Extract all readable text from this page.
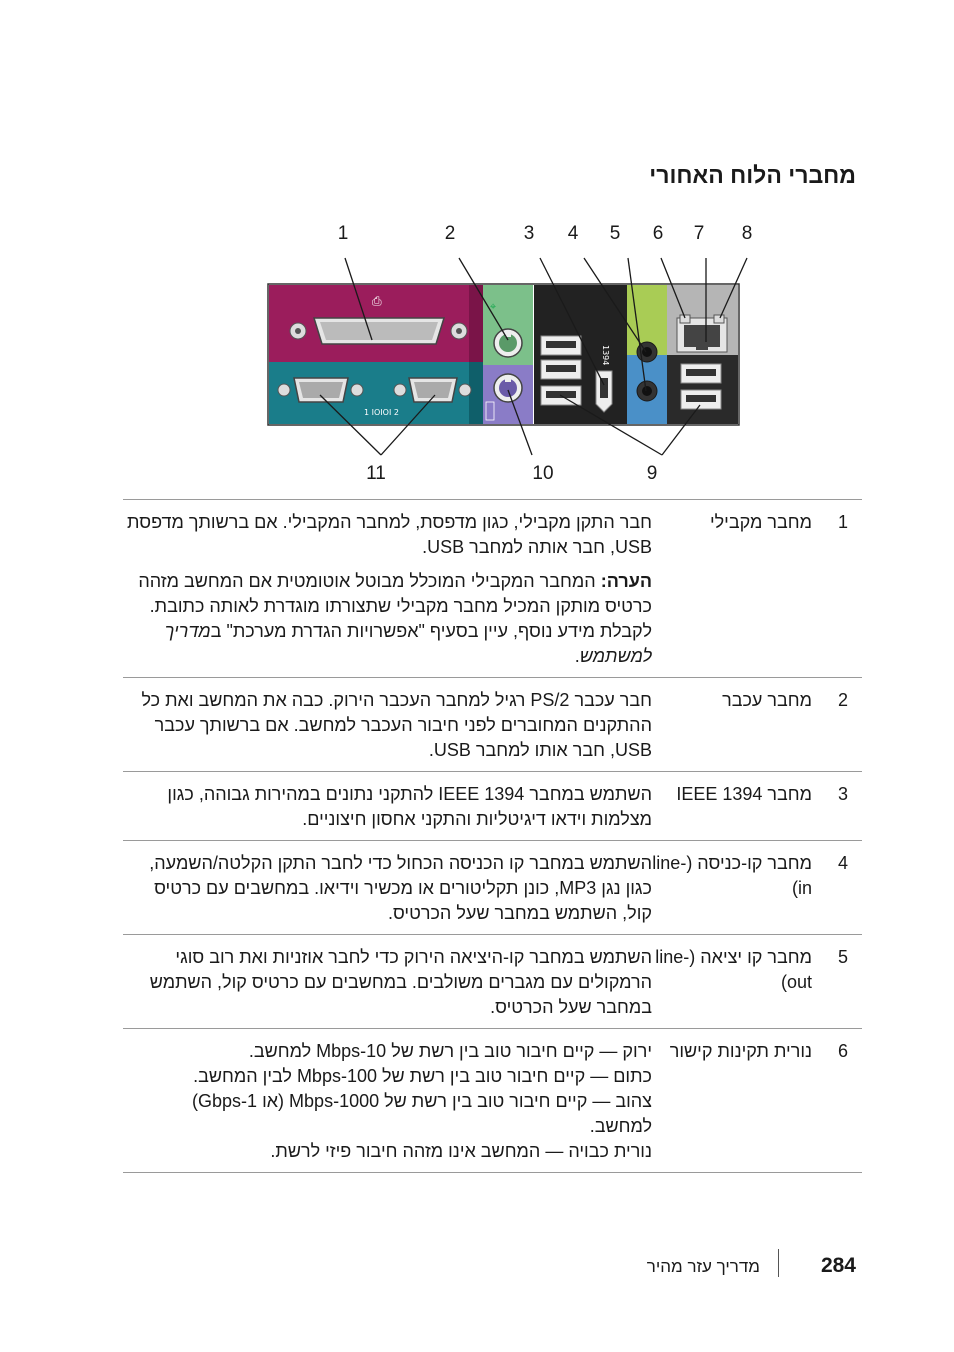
מחברי הלוח האחורי
⎙
1 IOIOI 2
⌖
1394
1	2	3	4	5	6	7	8
11	10	9
1
מחבר מקבילי

חבר התקן מקבילי, כגון מדפסת, למחבר המקבילי. אם ברשותך מדפסת USB, חבר אותה למחבר USB.

הערה: המחבר המקבילי המוכלל מבוטל אוטומטית אם המחשב מזהה כרטיס מותקן המכיל מחבר מקבילי שתצורתו מוגדרת לאותה כתובת. לקבלת מידע נוסף, עיין בסעיף "אפשרויות הגדרת מערכת" במדריך למשתמש.

2
מחבר עכבר

חבר עכבר PS/2 רגיל למחבר העכבר הירוק. כבה את המחשב ואת כל ההתקנים המחוברים לפני חיבור העכבר למחשב. אם ברשותך עכבר USB, חבר אותו למחבר USB.

3
מחבר IEEE 1394

השתמש במחבר IEEE 1394 להתקני נתונים במהירות גבוהה, כגון מצלמות וידאו דיגיטליות והתקני אחסון חיצוניים.

4
מחבר קו-כניסה (line-in)

השתמש במחבר קו הכניסה הכחול כדי לחבר התקן הקלטה/השמעה, כגון נגן MP3, כונן תקליטורים או מכשיר וידיאו. במחשבים עם כרטיס קול, השתמש במחבר שעל הכרטיס.

5
מחבר קו יציאה (line-out)

השתמש במחבר קו-היציאה הירוק כדי לחבר אוזניות ואת רוב סוגי הרמקולים עם מגברים משולבים. במחשבים עם כרטיס קול, השתמש במחבר שעל הכרטיס.

6
נורית תקינות קישור

ירוק — קיים חיבור טוב בין רשת של 10-Mbps למחשב.

כתום — קיים חיבור טוב בין רשת של 100-Mbps לבין המחשב.

צהוב — קיים חיבור טוב בין רשת של 1000-Mbps (או 1-Gbps) למחשב.

נורית כבויה — המחשב אינו מזהה חיבור פיזי לרשת.

284
מדריך עזר מהיר
